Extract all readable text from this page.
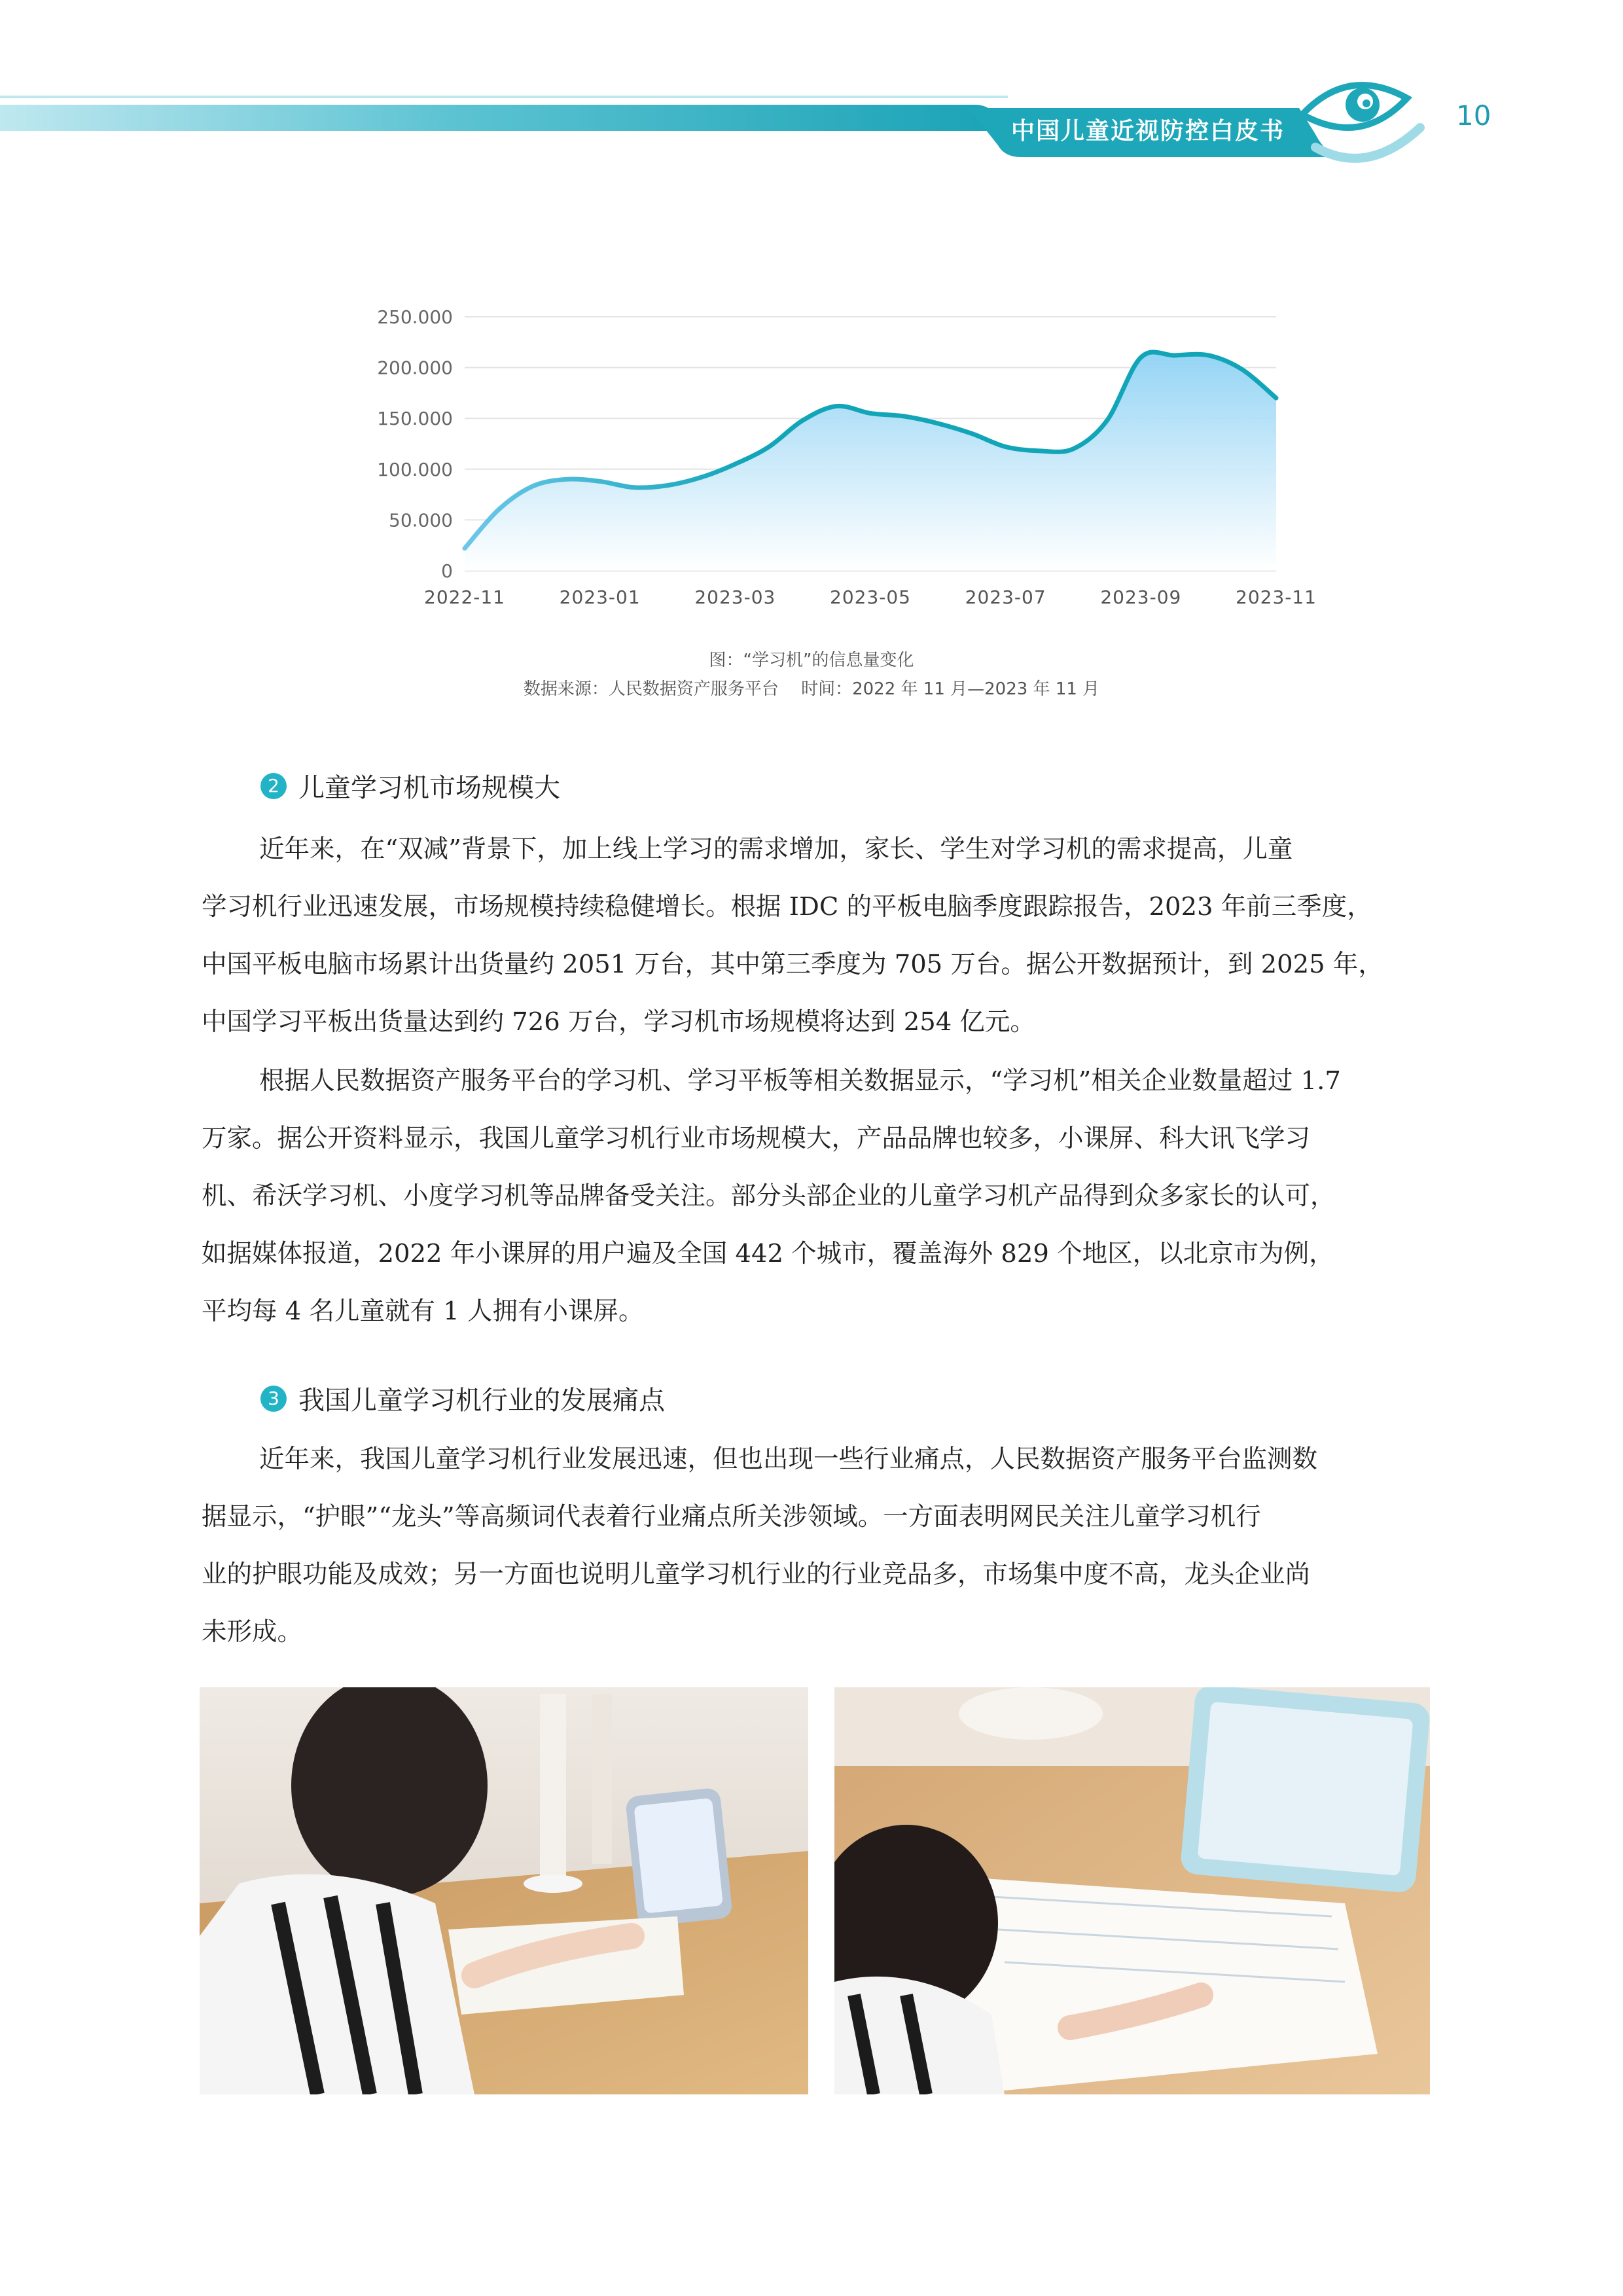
中国儿童近视防控白皮书	10
0
50.000
100.000
150.000
200.000
250.000
2022-11	2023-01	2023-03	2023-05	2023-07	2023-09	2023-11
图：“学习机”的信息量变化
数据来源：人民数据资产服务平台　 时间：2022 年 11 月—2023 年 11 月
2 儿童学习机市场规模大
近年来，在“双减”背景下，加上线上学习的需求增加，家长、学生对学习机的需求提高，儿童
学习机行业迅速发展，市场规模持续稳健增长。根据 IDC 的平板电脑季度跟踪报告，2023 年前三季度，
中国平板电脑市场累计出货量约 2051 万台，其中第三季度为 705 万台。据公开数据预计，到 2025 年，
中国学习平板出货量达到约 726 万台，学习机市场规模将达到 254 亿元。
根据人民数据资产服务平台的学习机、学习平板等相关数据显示，“学习机”相关企业数量超过 1.7
万家。据公开资料显示，我国儿童学习机行业市场规模大，产品品牌也较多，小课屏、科大讯飞学习
机、希沃学习机、小度学习机等品牌备受关注。部分头部企业的儿童学习机产品得到众多家长的认可，
如据媒体报道，2022 年小课屏的用户遍及全国 442 个城市，覆盖海外 829 个地区，以北京市为例，
平均每 4 名儿童就有 1 人拥有小课屏。
3 我国儿童学习机行业的发展痛点
近年来，我国儿童学习机行业发展迅速，但也出现一些行业痛点，人民数据资产服务平台监测数
据显示，“护眼”“龙头”等高频词代表着行业痛点所关涉领域。一方面表明网民关注儿童学习机行
业的护眼功能及成效；另一方面也说明儿童学习机行业的行业竞品多，市场集中度不高，龙头企业尚
未形成。
